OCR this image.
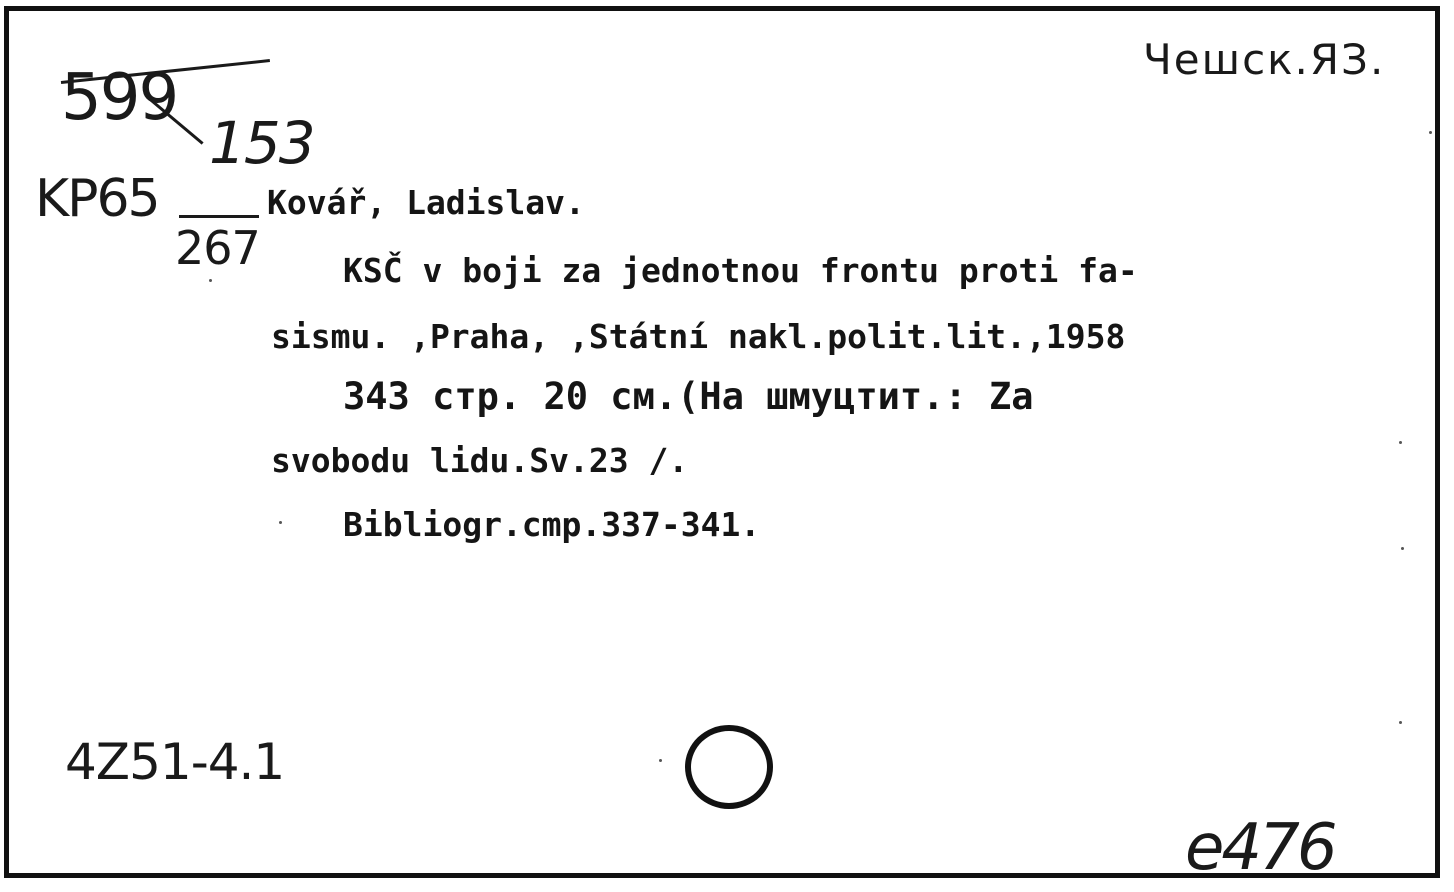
Чешск.ЯЗ.
599
153
KP65
267
Kovář, Ladislav.
KSČ v boji za jednotnou frontu proti fa-
sismu. ,Praha, ,Státní nakl.polit.lit.,1958
343 стр. 20 см.(На шмуцтит.: Za
svobodu lidu.Sv.23 /.
Bibliogr.cmp.337-341.
4Z51-4.1
e476
